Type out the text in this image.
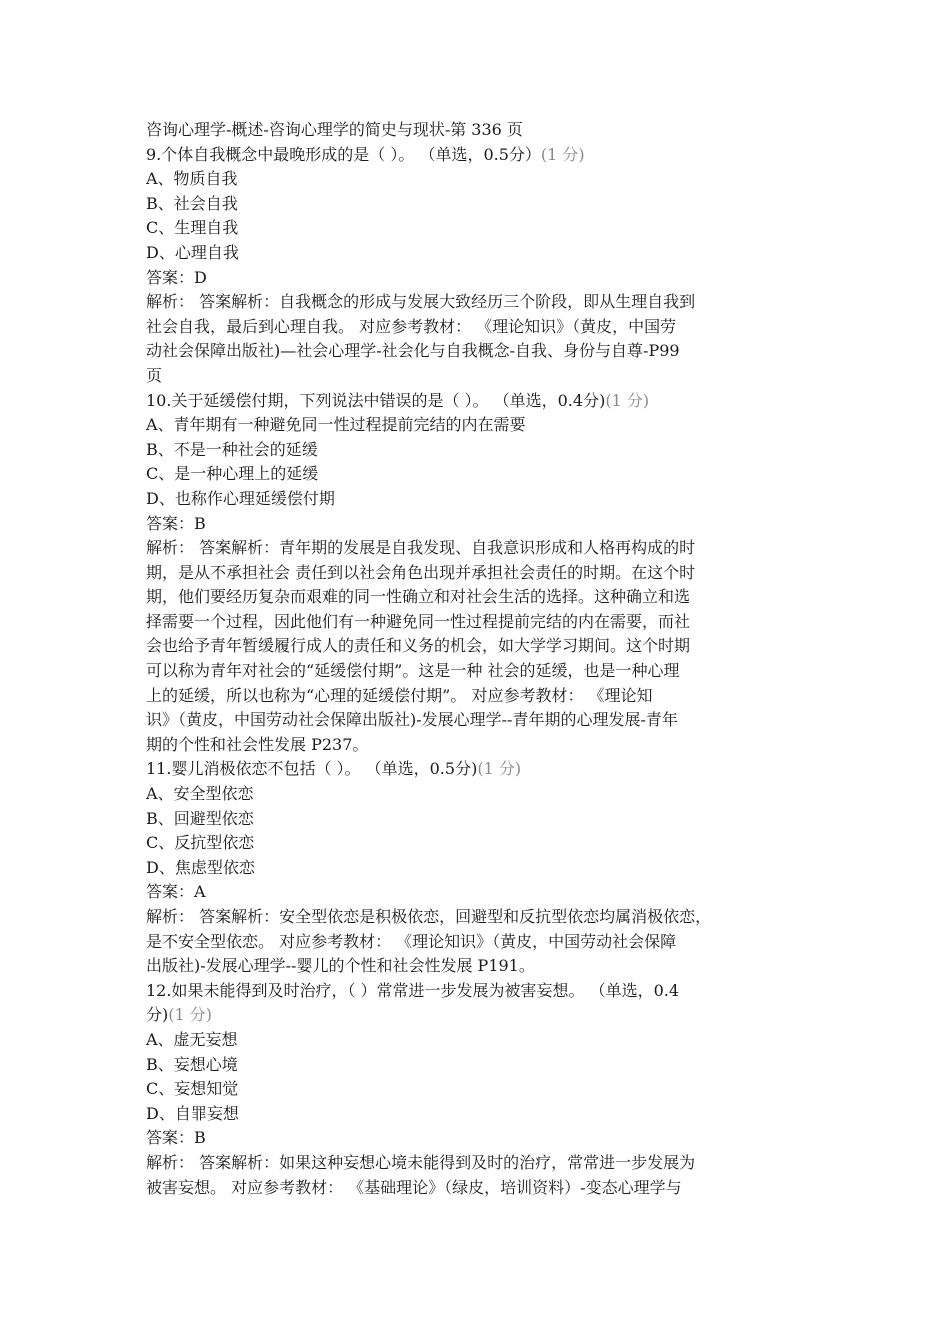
咨询心理学-概述-咨询心理学的简史与现状-第 336 页
9.个体自我概念中最晚形成的是（ ）。 （单选，0.5分）(1 分)
A、物质自我
B、社会自我
C、生理自我
D、心理自我
答案：D
解析： 答案解析：自我概念的形成与发展大致经历三个阶段，即从生理自我到
社会自我，最后到心理自我。 对应参考教材： 《理论知识》（黄皮，中国劳
动社会保障出版社)—社会心理学-社会化与自我概念-自我、身份与自尊-P99
页
10.关于延缓偿付期，下列说法中错误的是（ ）。 （单选，0.4分)(1 分)
A、青年期有一种避免同一性过程提前完结的内在需要
B、不是一种社会的延缓
C、是一种心理上的延缓
D、也称作心理延缓偿付期
答案：B
解析： 答案解析：青年期的发展是自我发现、自我意识形成和人格再构成的时
期，是从不承担社会 责任到以社会角色出现并承担社会责任的时期。在这个时
期，他们要经历复杂而艰难的同一性确立和对社会生活的选择。这种确立和选
择需要一个过程，因此他们有一种避免同一性过程提前完结的内在需要，而社
会也给予青年暂缓履行成人的责任和义务的机会，如大学学习期间。这个时期
可以称为青年对社会的“延缓偿付期”。这是一种 社会的延缓，也是一种心理
上的延缓，所以也称为“心理的延缓偿付期”。 对应参考教材： 《理论知
识》（黄皮，中国劳动社会保障出版社)-发展心理学--青年期的心理发展-青年
期的个性和社会性发展 P237。
11.婴儿消极依恋不包括（ ）。 （单选，0.5分)(1 分)
A、安全型依恋
B、回避型依恋
C、反抗型依恋
D、焦虑型依恋
答案：A
解析： 答案解析：安全型依恋是积极依恋，回避型和反抗型依恋均属消极依恋，
是不安全型依恋。 对应参考教材： 《理论知识》（黄皮，中国劳动社会保障
出版社)-发展心理学--婴儿的个性和社会性发展 P191。
12.如果未能得到及时治疗，（ ）常常进一步发展为被害妄想。 （单选，0.4
分)(1 分)
A、虚无妄想
B、妄想心境
C、妄想知觉
D、自罪妄想
答案：B
解析： 答案解析：如果这种妄想心境未能得到及时的治疗，常常进一步发展为
被害妄想。 对应参考教材： 《基础理论》（绿皮，培训资料）-变态心理学与
